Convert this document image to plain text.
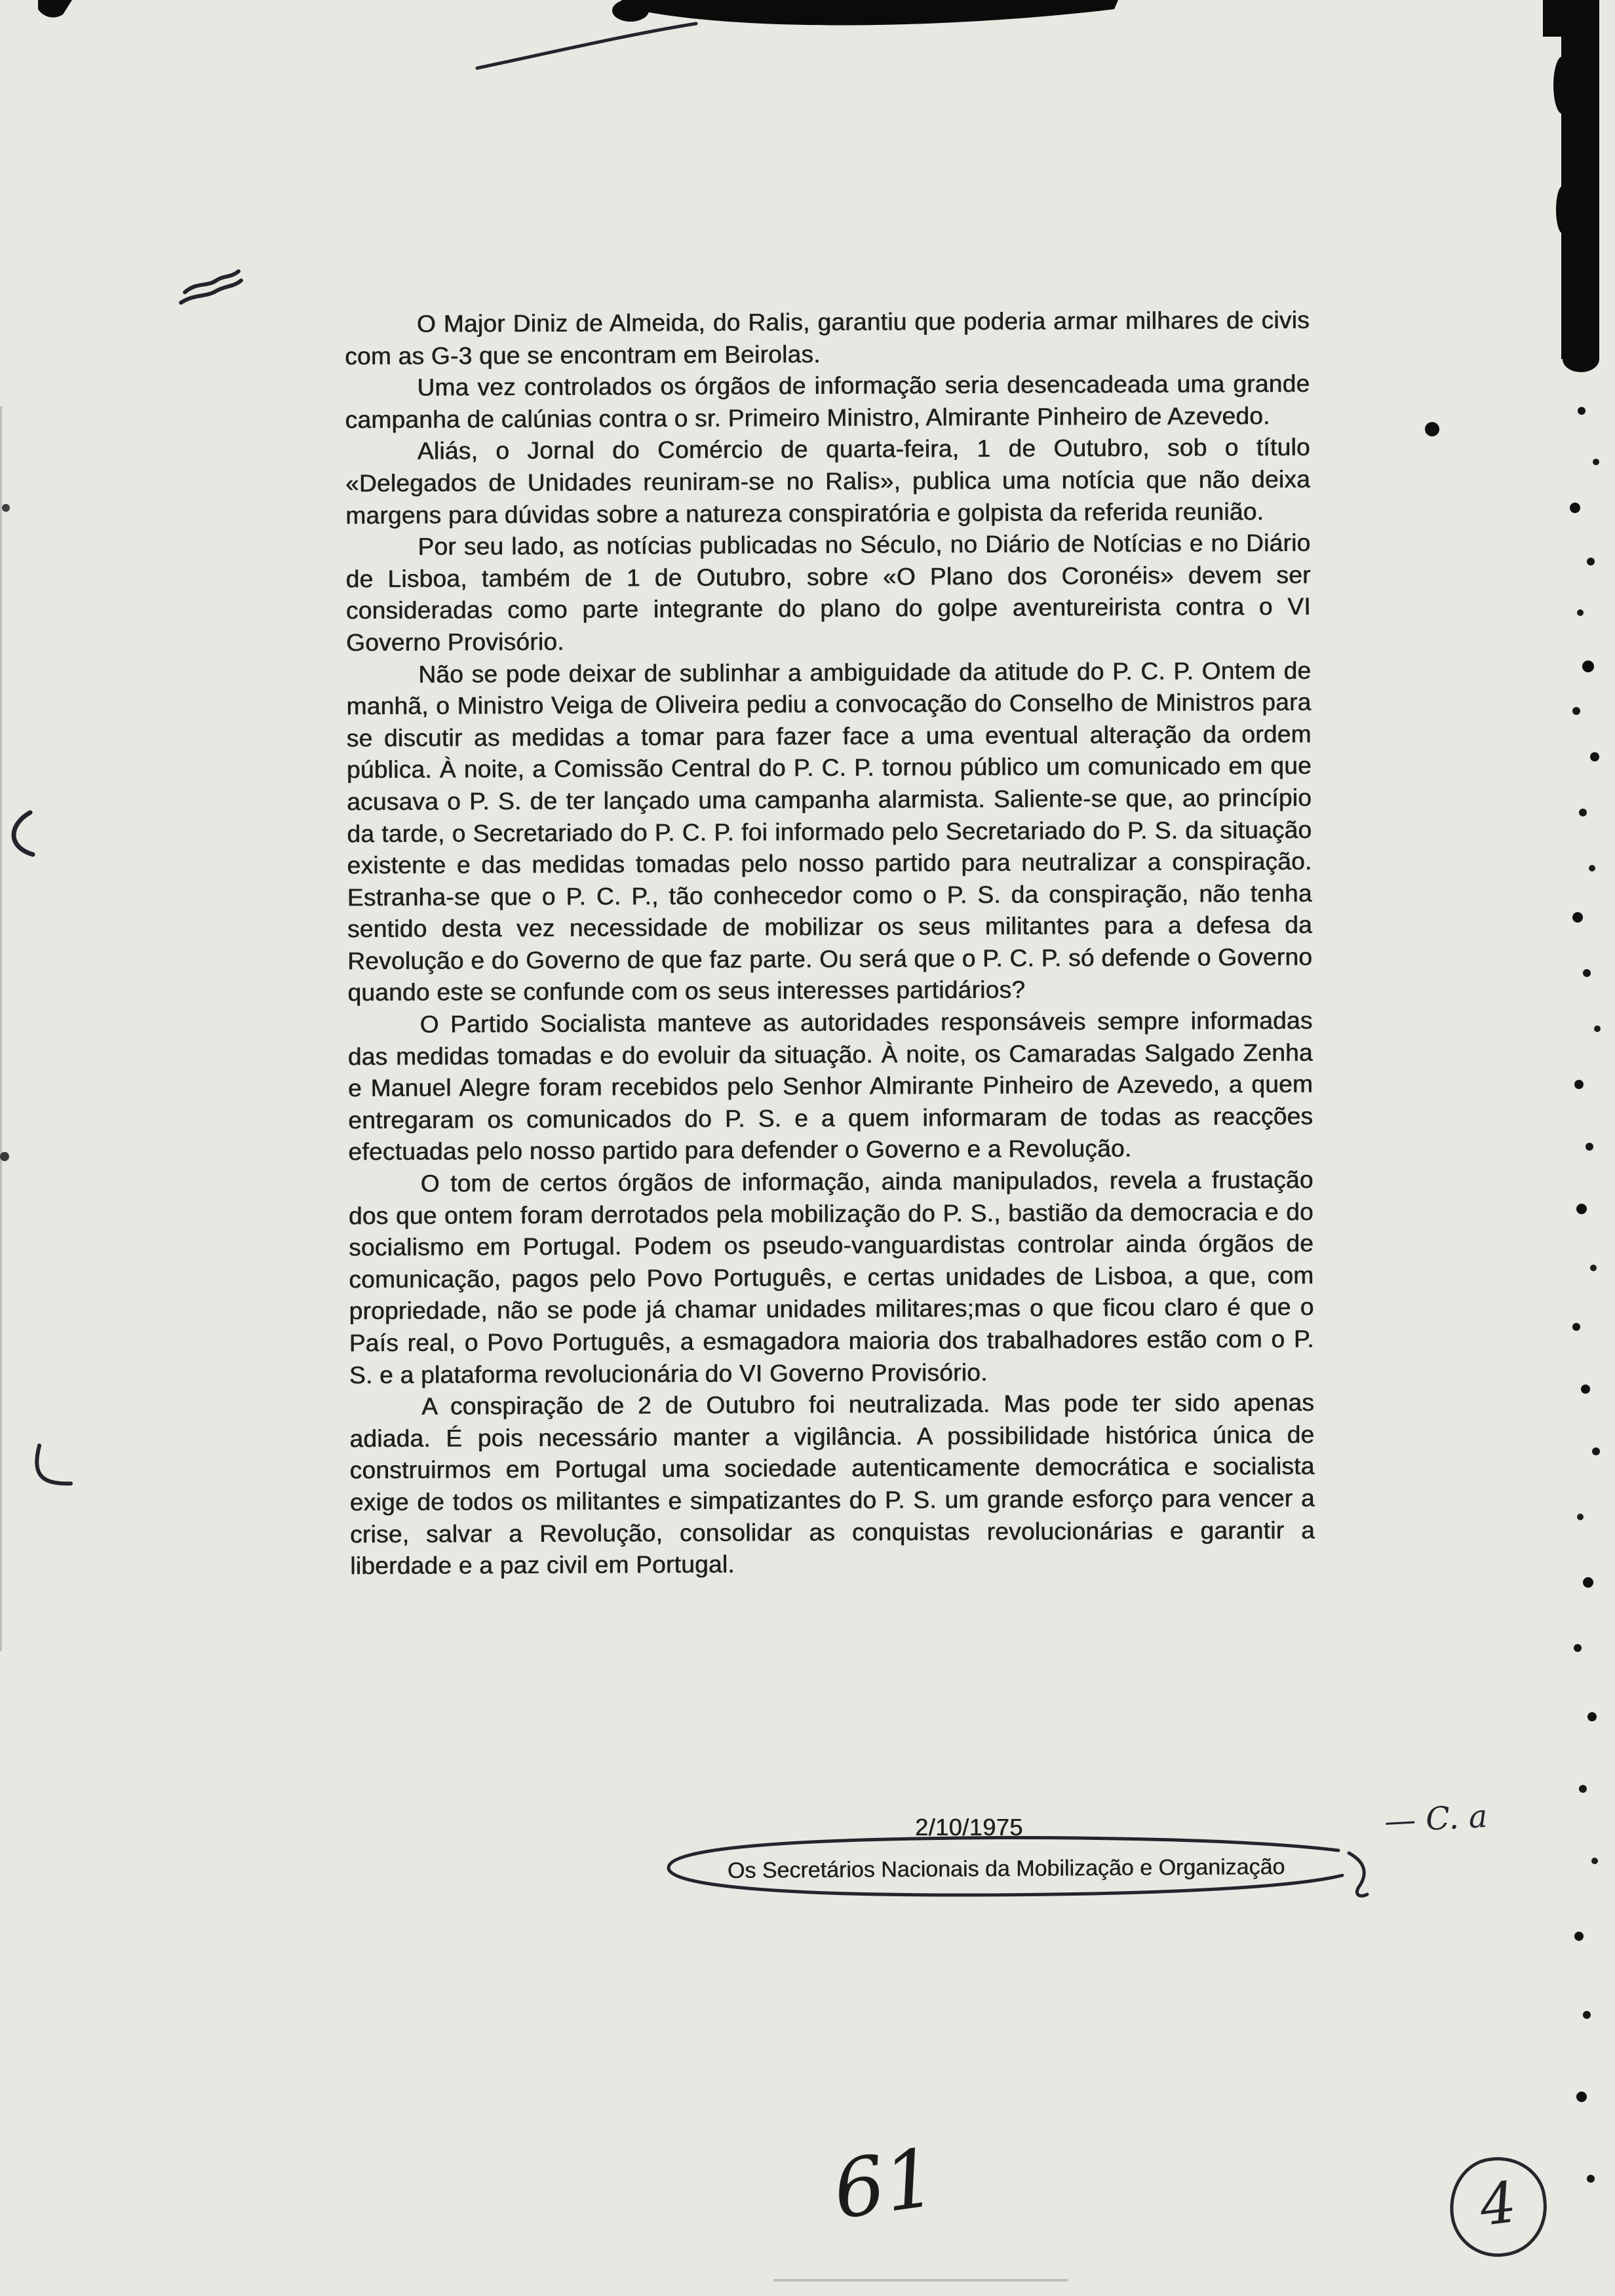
O Major Diniz de Almeida, do Ralis, garantiu que poderia armar milhares de civis com as G-3 que se encontram em Beirolas.

Uma vez controlados os órgãos de informação seria desencadeada uma grande campanha de calúnias contra o sr. Primeiro Ministro, Almirante Pinheiro de Azevedo.

Aliás, o Jornal do Comércio de quarta-feira, 1 de Outubro, sob o título «Delegados de Unidades reuniram-se no Ralis», publica uma notícia que não deixa margens para dúvidas sobre a natureza conspiratória e golpista da referida reunião.

Por seu lado, as notícias publicadas no Século, no Diário de Notícias e no Diário de Lisboa, também de 1 de Outubro, sobre «O Plano dos Coronéis» devem ser consideradas como parte integrante do plano do golpe aventureirista contra o VI Governo Provisório.

Não se pode deixar de sublinhar a ambiguidade da atitude do P. C. P. Ontem de manhã, o Ministro Veiga de Oliveira pediu a convocação do Conselho de Ministros para se discutir as medidas a tomar para fazer face a uma eventual alteração da ordem pública. À noite, a Comissão Central do P. C. P. tornou público um comunicado em que acusava o P. S. de ter lançado uma campanha alarmista. Saliente-se que, ao princípio da tarde, o Secretariado do P. C. P. foi informado pelo Secretariado do P. S. da situação existente e das medidas tomadas pelo nosso partido para neutralizar a conspiração. Estranha-se que o P. C. P., tão conhecedor como o P. S. da conspiração, não tenha sentido desta vez necessidade de mobilizar os seus militantes para a defesa da Revolução e do Governo de que faz parte. Ou será que o P. C. P. só defende o Governo quando este se confunde com os seus interesses partidários?

O Partido Socialista manteve as autoridades responsáveis sempre informadas das medidas tomadas e do evoluir da situação. À noite, os Camaradas Salgado Zenha e Manuel Alegre foram recebidos pelo Senhor Almirante Pinheiro de Azevedo, a quem entregaram os comunicados do P. S. e a quem informaram de todas as reacções efectuadas pelo nosso partido para defender o Governo e a Revolução.

O tom de certos órgãos de informação, ainda manipulados, revela a frustação dos que ontem foram derrotados pela mobilização do P. S., bastião da democracia e do socialismo em Portugal. Podem os pseudo-vanguardistas controlar ainda órgãos de comunicação, pagos pelo Povo Português, e certas unidades de Lisboa, a que, com propriedade, não se pode já chamar unidades militares;mas o que ficou claro é que o País real, o Povo Português, a esmagadora maioria dos trabalhadores estão com o P. S. e a plataforma revolucionária do VI Governo Provisório.

A conspiração de 2 de Outubro foi neutralizada. Mas pode ter sido apenas adiada. É pois necessário manter a vigilância. A possibilidade histórica única de construirmos em Portugal uma sociedade autenticamente democrática e socialista exige de todos os militantes e simpatizantes do P. S. um grande esforço para vencer a crise, salvar a Revolução, consolidar as conquistas revolucionárias e garantir a liberdade e a paz civil em Portugal.

2/10/1975
Os Secretários Nacionais da Mobilização e Organização
— C. a
61	4
